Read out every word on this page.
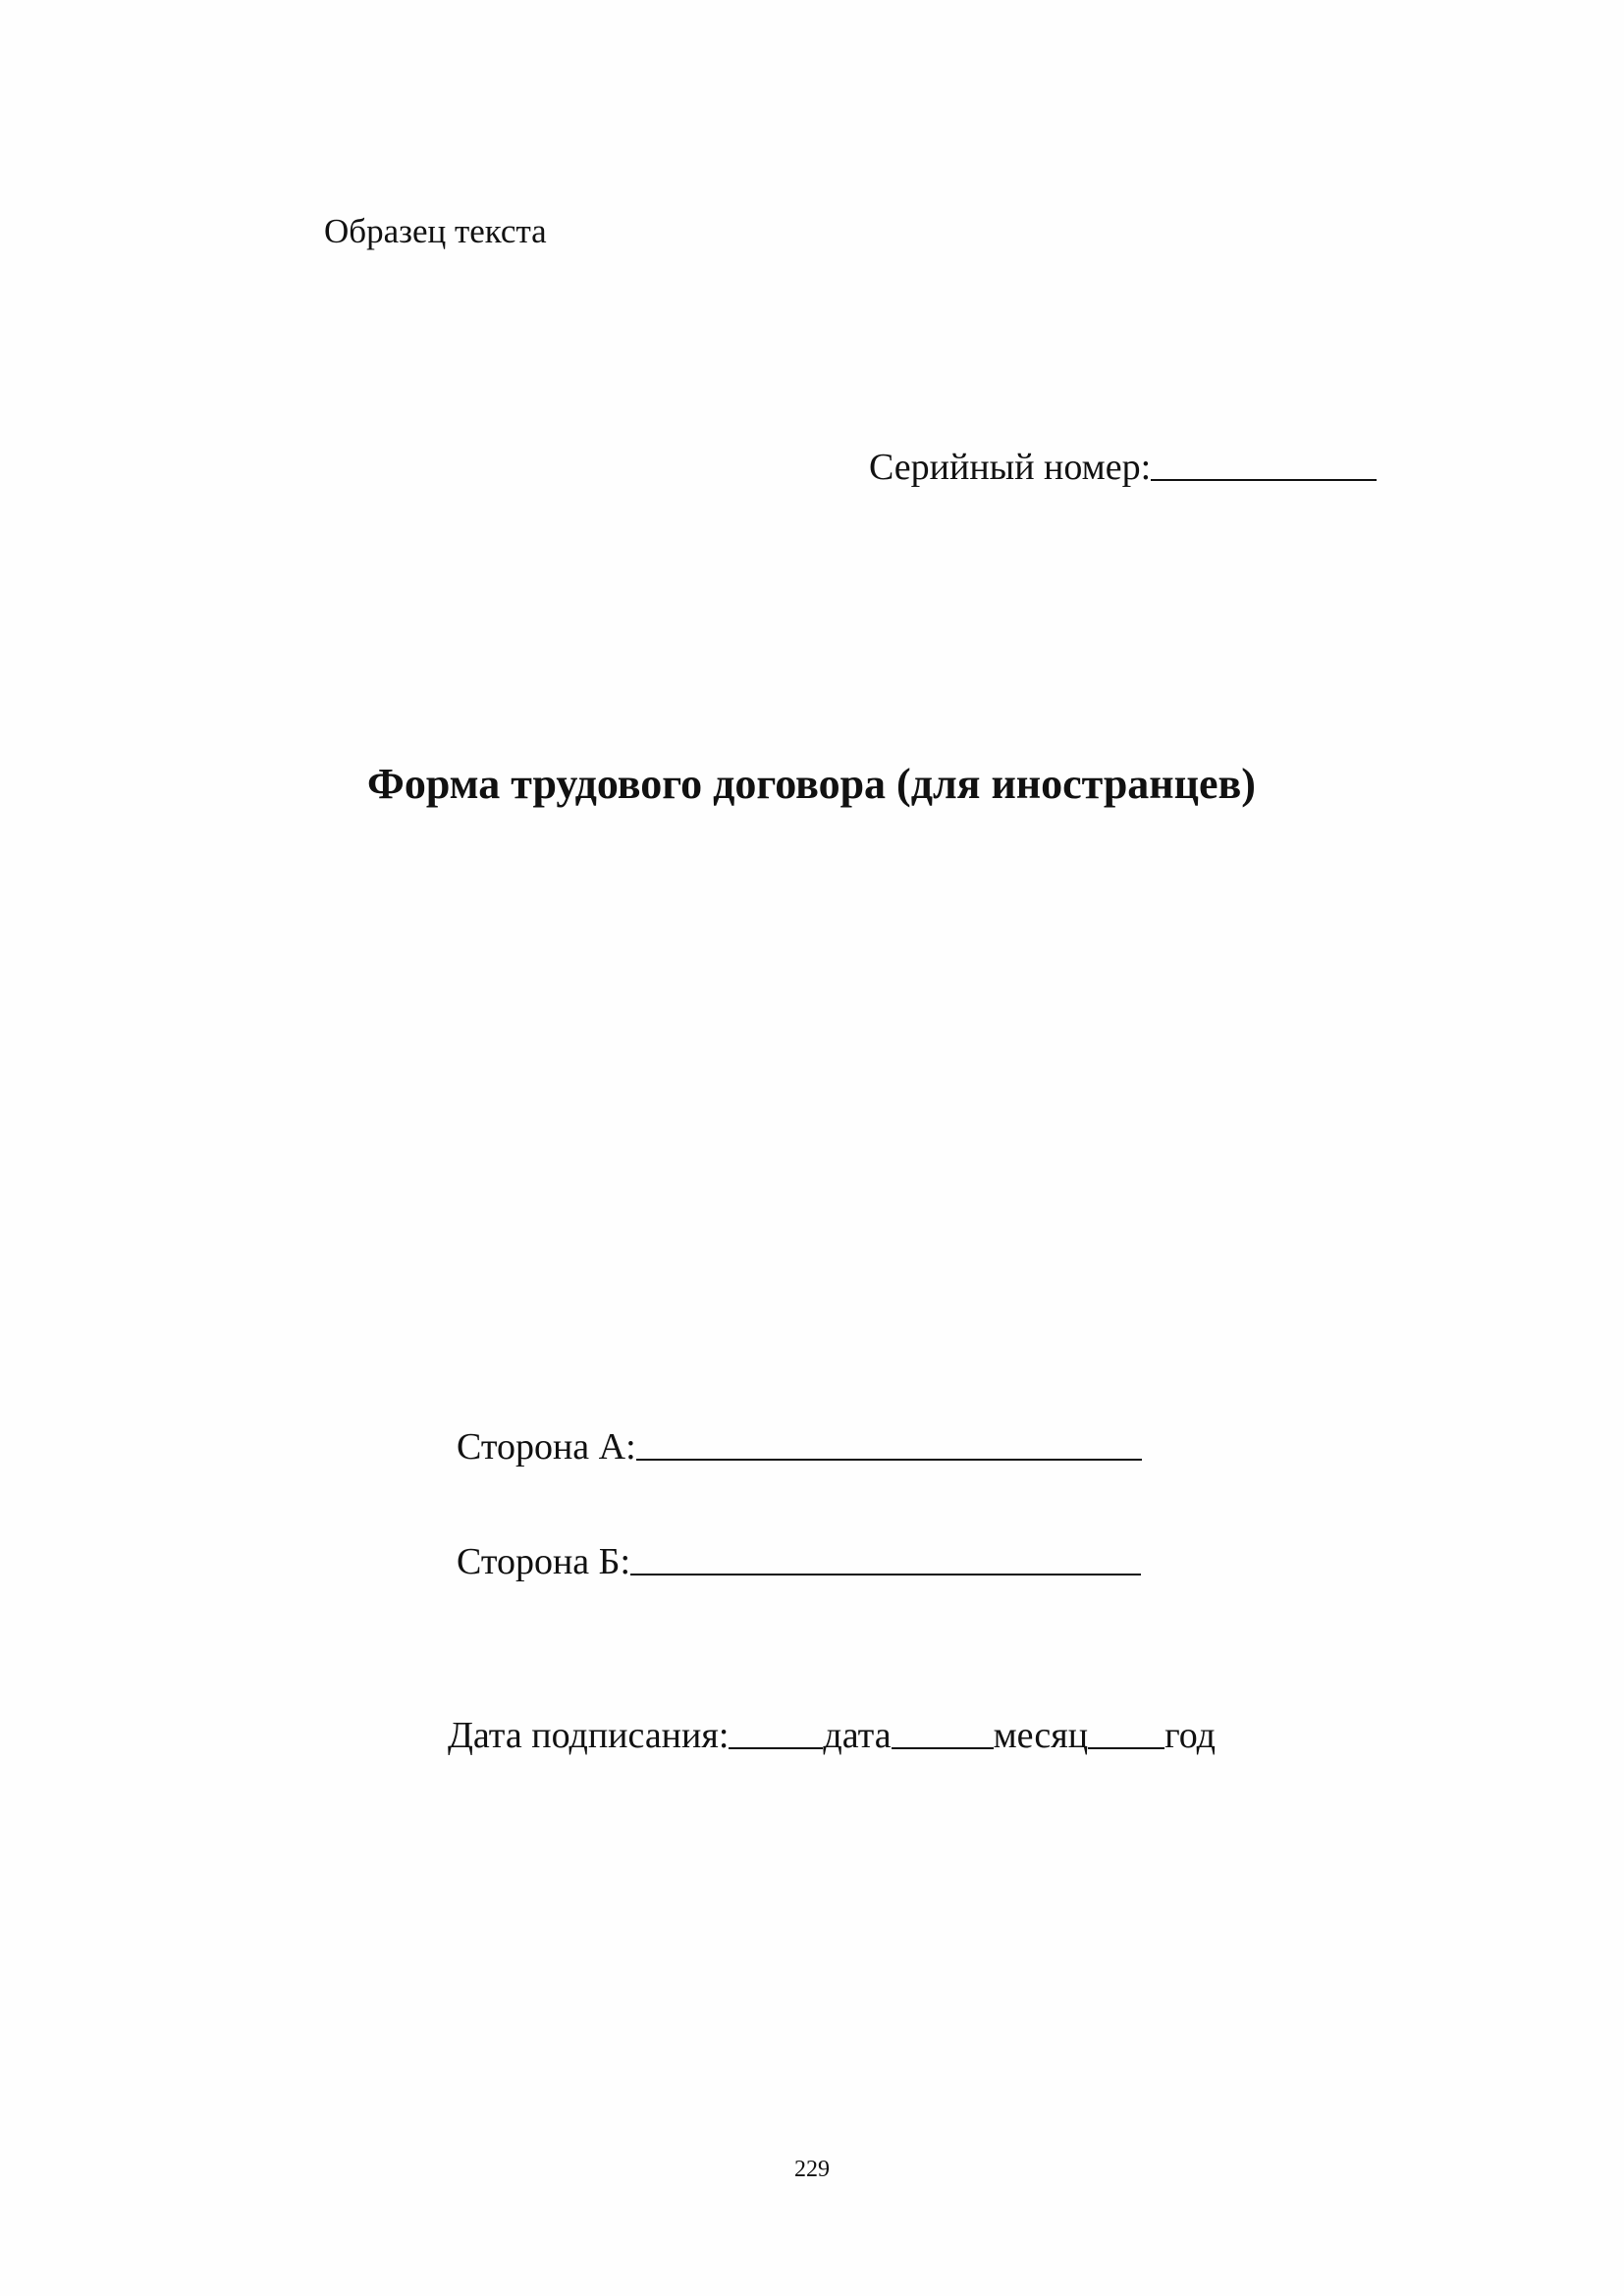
Образец текста
Серийный номер:
Форма трудового договора (для иностранцев)
Сторона А:
Сторона Б:
Дата подписания:	дата	месяц год
229
